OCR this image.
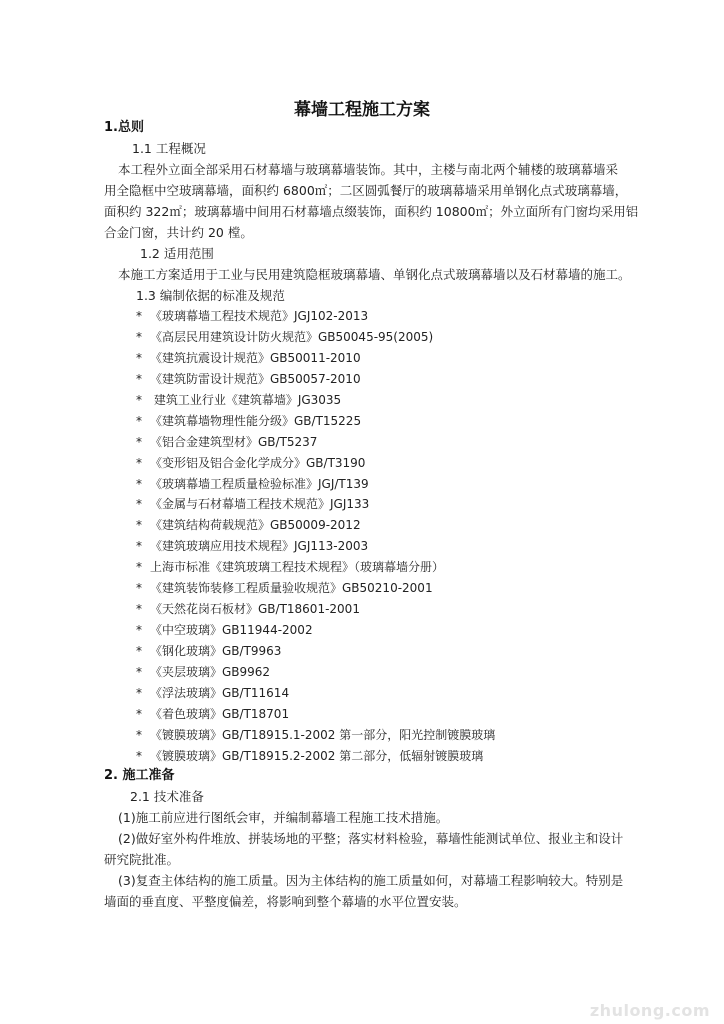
幕墙工程施工方案
1.总则
1.1 工程概况
本工程外立面全部采用石材幕墙与玻璃幕墙装饰。其中，主楼与南北两个辅楼的玻璃幕墙采
用全隐框中空玻璃幕墙，面积约 6800㎡；二区圆弧餐厅的玻璃幕墙采用单钢化点式玻璃幕墙，
面积约 322㎡；玻璃幕墙中间用石材幕墙点缀装饰，面积约 10800㎡；外立面所有门窗均采用铝
合金门窗，共计约 20 樘。
1.2 适用范围
本施工方案适用于工业与民用建筑隐框玻璃幕墙、单钢化点式玻璃幕墙以及石材幕墙的施工。
1.3 编制依据的标准及规范
* 《玻璃幕墙工程技术规范》JGJ102-2013
* 《高层民用建筑设计防火规范》GB50045-95(2005)
* 《建筑抗震设计规范》GB50011-2010
* 《建筑防雷设计规范》GB50057-2010
* 建筑工业行业《建筑幕墙》JG3035
* 《建筑幕墙物理性能分级》GB/T15225
* 《铝合金建筑型材》GB/T5237
* 《变形铝及铝合金化学成分》GB/T3190
* 《玻璃幕墙工程质量检验标准》JGJ/T139
* 《金属与石材幕墙工程技术规范》JGJ133
* 《建筑结构荷载规范》GB50009-2012
* 《建筑玻璃应用技术规程》JGJ113-2003
* 上海市标准《建筑玻璃工程技术规程》（玻璃幕墙分册）
* 《建筑装饰装修工程质量验收规范》GB50210-2001
* 《天然花岗石板材》GB/T18601-2001
* 《中空玻璃》GB11944-2002
* 《钢化玻璃》GB/T9963
* 《夹层玻璃》GB9962
* 《浮法玻璃》GB/T11614
* 《着色玻璃》GB/T18701
* 《镀膜玻璃》GB/T18915.1-2002 第一部分，阳光控制镀膜玻璃
* 《镀膜玻璃》GB/T18915.2-2002 第二部分，低辐射镀膜玻璃
2. 施工准备
2.1 技术准备
(1)施工前应进行图纸会审，并编制幕墙工程施工技术措施。
(2)做好室外构件堆放、拼装场地的平整；落实材料检验，幕墙性能测试单位、报业主和设计
研究院批准。
(3)复查主体结构的施工质量。因为主体结构的施工质量如何，对幕墙工程影响较大。特别是
墙面的垂直度、平整度偏差，将影响到整个幕墙的水平位置安装。
zhulong.com
